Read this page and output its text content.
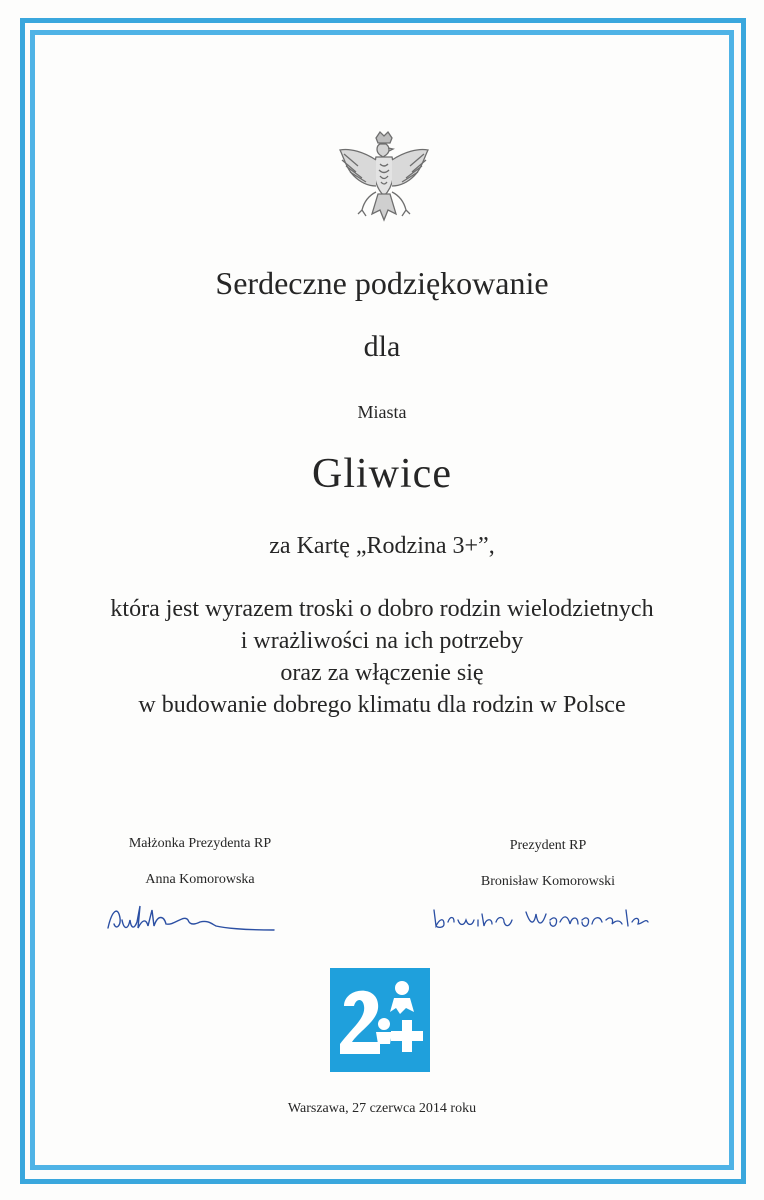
Serdeczne podziękowanie
dla
Miasta
Gliwice
za Kartę „Rodzina 3+”,
która jest wyrazem troski o dobro rodzin wielodzietnych
i wrażliwości na ich potrzeby
oraz za włączenie się
w budowanie dobrego klimatu dla rodzin w Polsce
Małżonka Prezydenta RP
Anna Komorowska
Prezydent RP
Bronisław Komorowski
Warszawa, 27 czerwca 2014 roku
